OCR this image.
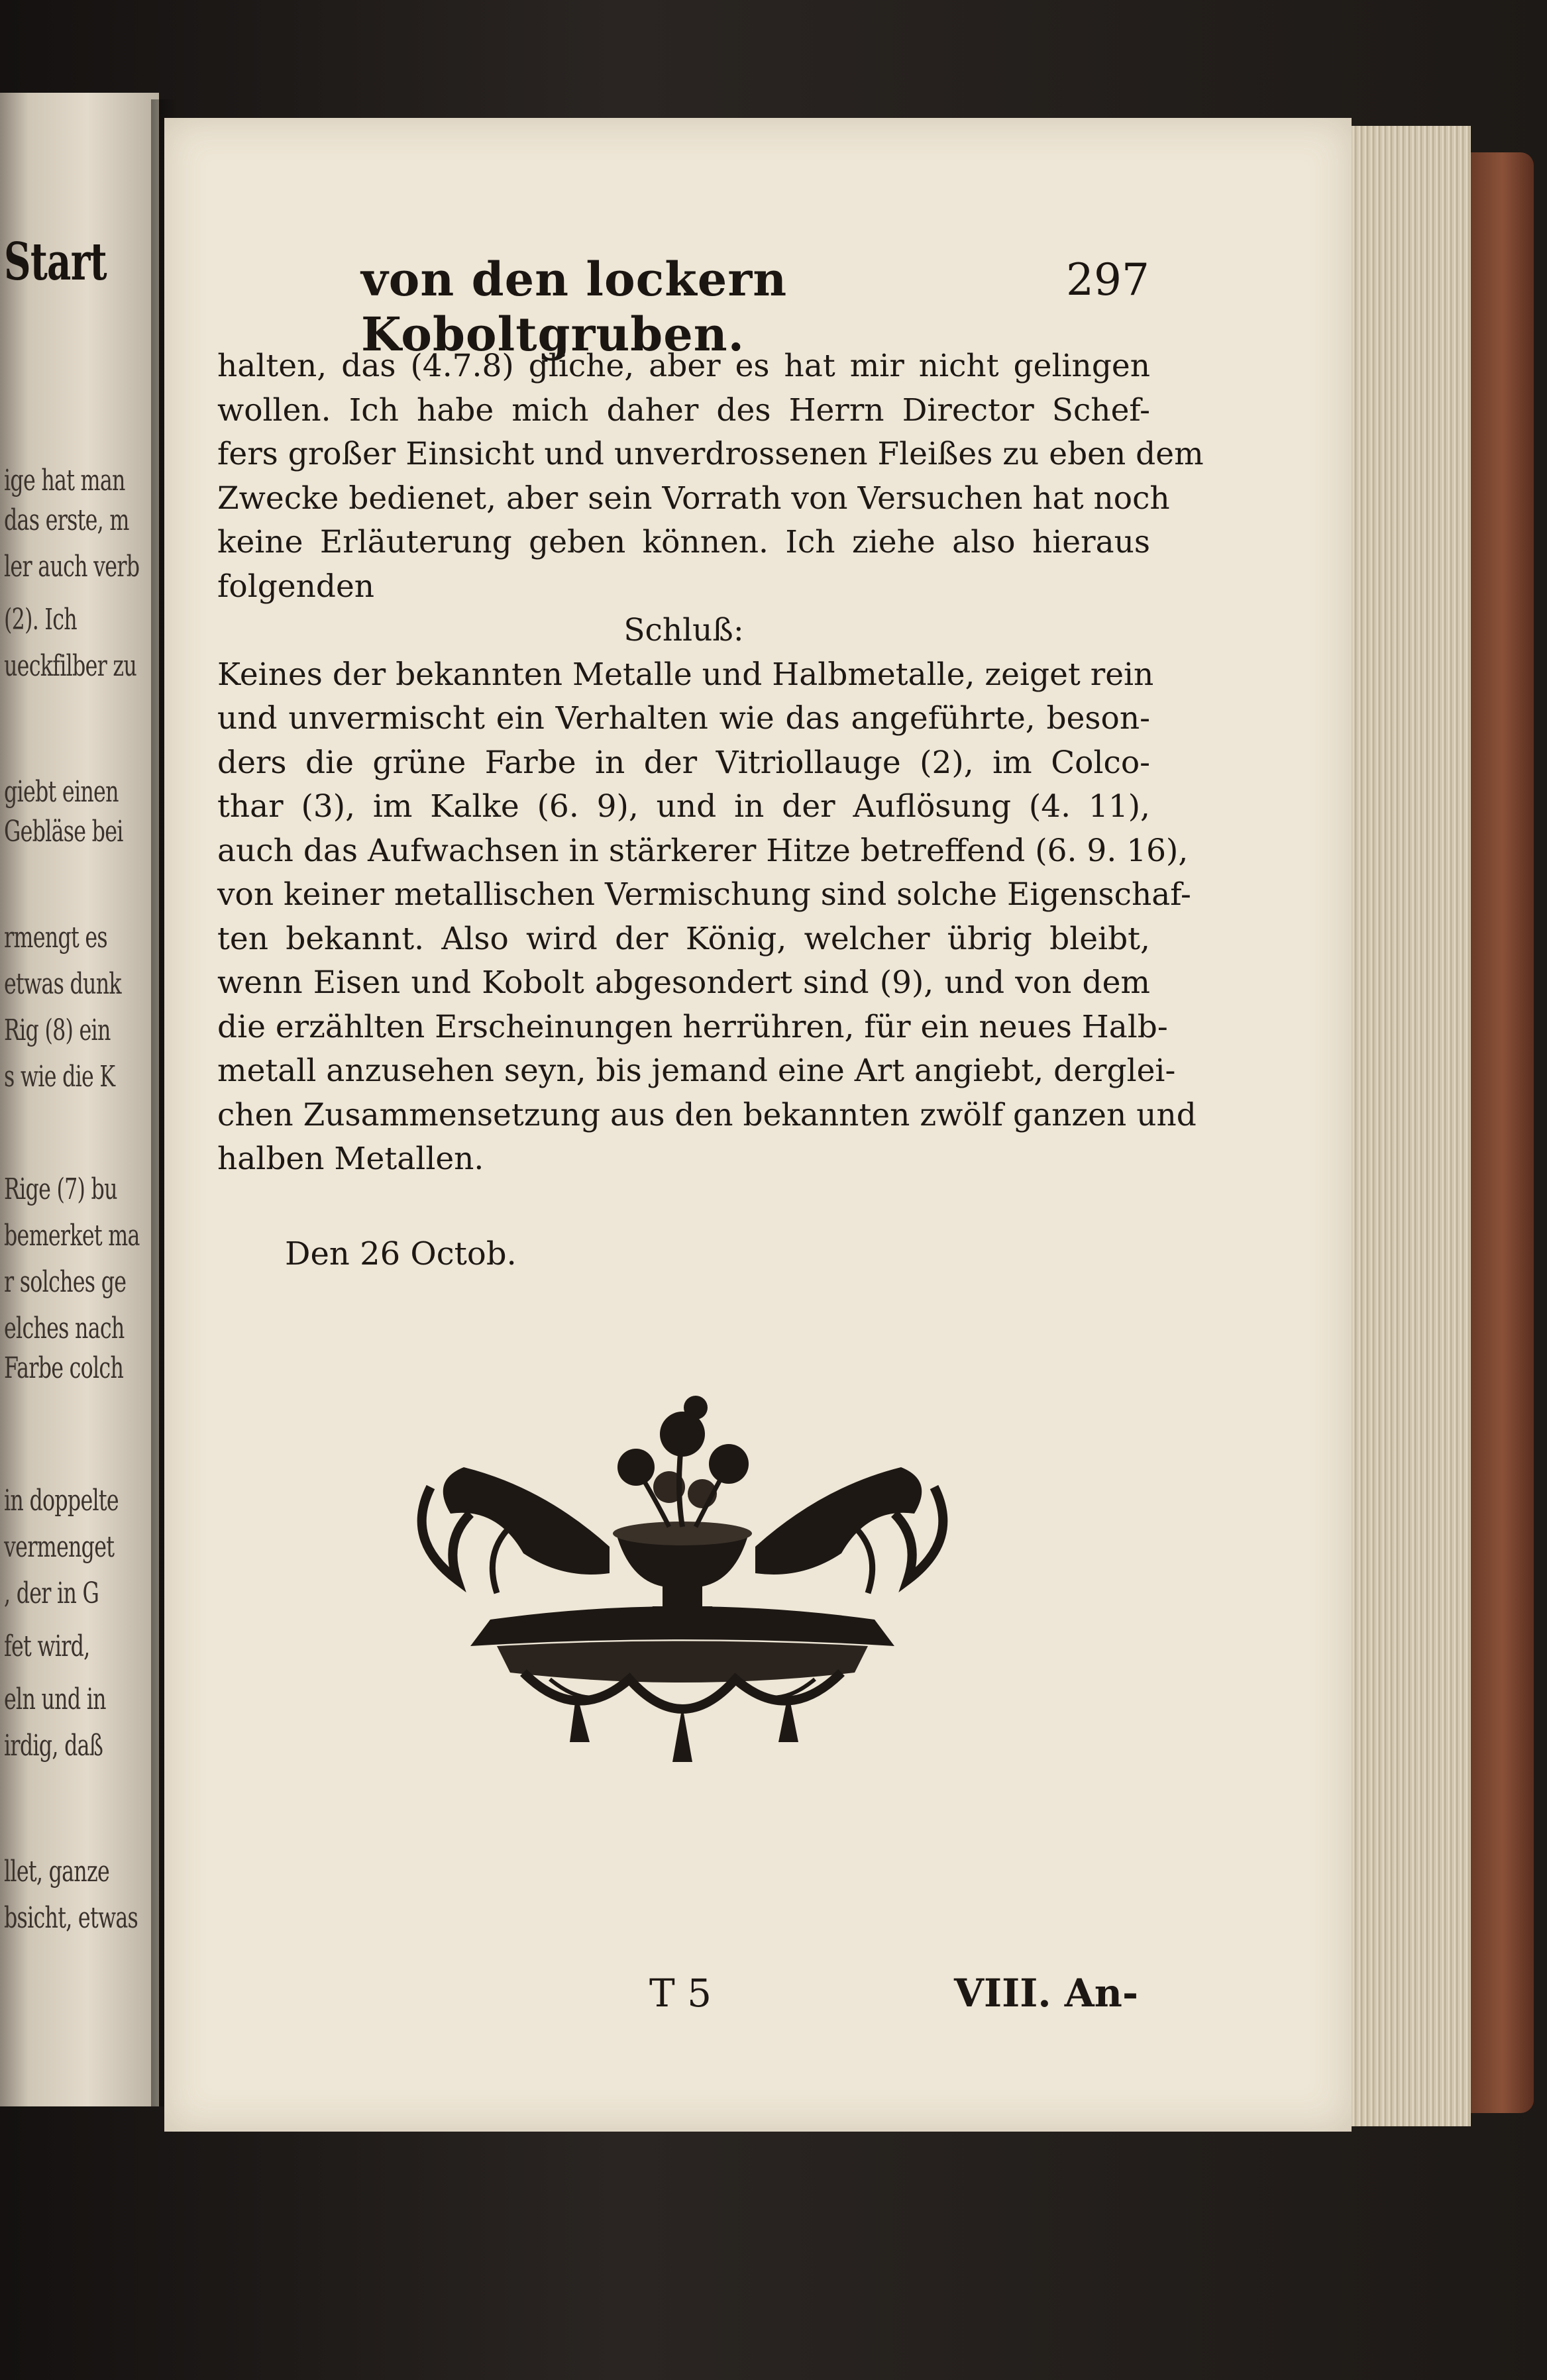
Start
ige hat man
das erste, m
ler auch verb
(2). Ich
ueckfilber zu
giebt einen
Gebläse bei
rmengt es
etwas dunk
Rig (8) ein
s wie die K
Rige (7) bu
bemerket ma
r solches ge
elches nach
Farbe colch
in doppelte
vermenget
, der in G
fet wird,
eln und in
irdig, daß
llet, ganze
bsicht, etwas
von den lockern Koboltgruben.
297
halten, das (4.7.8) gliche, aber es hat mir nicht gelingen
wollen. Ich habe mich daher des Herrn Director Schef-
fers großer Einsicht und unverdrossenen Fleißes zu eben dem
Zwecke bedienet, aber sein Vorrath von Versuchen hat noch
keine Erläuterung geben können. Ich ziehe also hieraus
folgenden
Schluß:
Keines der bekannten Metalle und Halbmetalle, zeiget rein
und unvermischt ein Verhalten wie das angeführte, beson-
ders die grüne Farbe in der Vitriollauge (2), im Colco-
thar (3), im Kalke (6. 9), und in der Auflösung (4. 11),
auch das Aufwachsen in stärkerer Hitze betreffend (6. 9. 16),
von keiner metallischen Vermischung sind solche Eigenschaf-
ten bekannt. Also wird der König, welcher übrig bleibt,
wenn Eisen und Kobolt abgesondert sind (9), und von dem
die erzählten Erscheinungen herrühren, für ein neues Halb-
metall anzusehen seyn, bis jemand eine Art angiebt, derglei-
chen Zusammensetzung aus den bekannten zwölf ganzen und
halben Metallen.
Den 26 Octob.
T 5	VIII. An-
